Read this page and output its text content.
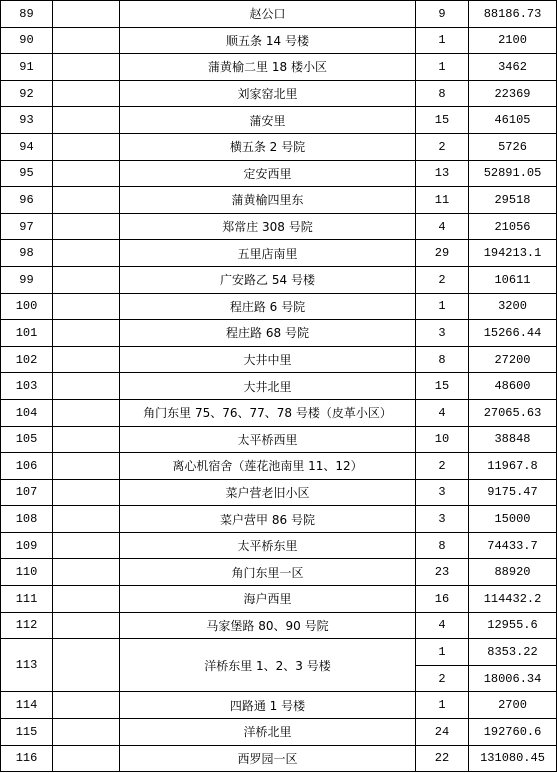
89		赵公口	9	88186.73
90		顺五条 14 号楼	1	2100
91		蒲黄榆二里 18 楼小区	1	3462
92		刘家窑北里	8	22369
93		蒲安里	15	46105
94		横五条 2 号院	2	5726
95		定安西里	13	52891.05
96		蒲黄榆四里东	11	29518
97		郑常庄 308 号院	4	21056
98		五里店南里	29	194213.1
99		广安路乙 54 号楼	2	10611
100		程庄路 6 号院	1	3200
101		程庄路 68 号院	3	15266.44
102		大井中里	8	27200
103		大井北里	15	48600
104		角门东里 75、76、77、78 号楼（皮革小区）	4	27065.63
105		太平桥西里	10	38848
106		离心机宿舍（莲花池南里 11、12）	2	11967.8
107		菜户营老旧小区	3	9175.47
108		菜户营甲 86 号院	3	15000
109		太平桥东里	8	74433.7
110		角门东里一区	23	88920
111		海户西里	16	114432.2
112		马家堡路 80、90 号院	4	12955.6
113		洋桥东里 1、2、3 号楼	1	8353.22
			2	18006.34
114		四路通 1 号楼	1	2700
115		洋桥北里	24	192760.6
116		西罗园一区	22	131080.45
